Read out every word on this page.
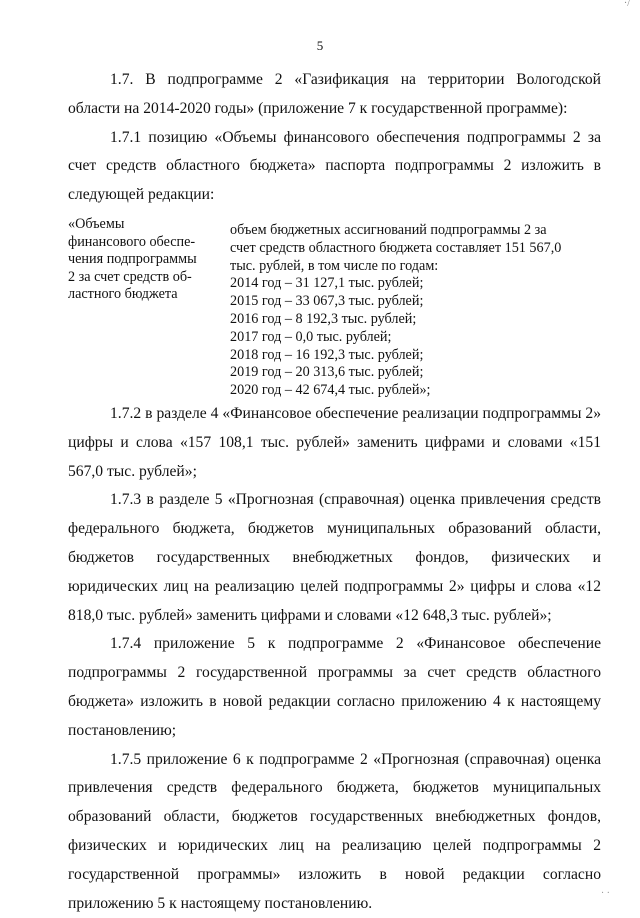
·/
5

1.7. В подпрограмме 2 «Газификация на территории Вологодской области на 2014-2020 годы» (приложение 7 к государственной программе):

1.7.1 позицию «Объемы финансового обеспечения подпрограммы 2 за счет средств областного бюджета» паспорта подпрограммы 2 изложить в следующей редакции:

«Объемы
финансового обеспе-
чения подпрограммы
2 за счет средств об-
ластного бюджета
объем бюджетных ассигнований подпрограммы 2 за
счет средств областного бюджета составляет 151 567,0
тыс. рублей, в том числе по годам:
2014 год – 31 127,1 тыс. рублей;
2015 год – 33 067,3 тыс. рублей;
2016 год – 8 192,3 тыс. рублей;
2017 год – 0,0 тыс. рублей;
2018 год – 16 192,3 тыс. рублей;
2019 год – 20 313,6 тыс. рублей;
2020 год – 42 674,4 тыс. рублей»;

1.7.2 в разделе 4 «Финансовое обеспечение реализации подпрограммы 2» цифры и слова «157 108,1 тыс. рублей» заменить цифрами и словами «151 567,0 тыс. рублей»;

1.7.3 в разделе 5 «Прогнозная (справочная) оценка привлечения средств федерального бюджета, бюджетов муниципальных образований области, бюджетов государственных внебюджетных фондов, физических и юридических лиц на реализацию целей подпрограммы 2» цифры и слова «12 818,0 тыс. рублей» заменить цифрами и словами «12 648,3 тыс. рублей»;

1.7.4 приложение 5 к подпрограмме 2 «Финансовое обеспечение подпрограммы 2 государственной программы за счет средств областного бюджета» изложить в новой редакции согласно приложению 4 к настоящему постановлению;

1.7.5 приложение 6 к подпрограмме 2 «Прогнозная (справочная) оценка привлечения средств федерального бюджета, бюджетов муниципальных образований области, бюджетов государственных внебюджетных фондов, физических и юридических лиц на реализацию целей подпрограммы 2 государственной программы» изложить в новой редакции согласно приложению 5 к настоящему постановлению.

· ·
